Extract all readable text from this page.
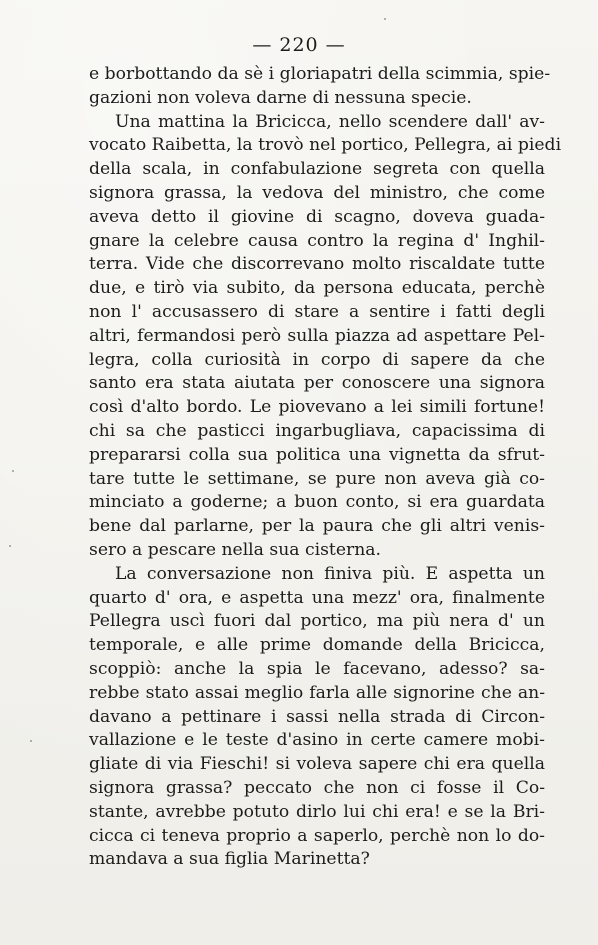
— 220 —
e borbottando da sè i gloriapatri della scimmia, spie-
gazioni non voleva darne di nessuna specie.
Una mattina la Bricicca, nello scendere dall' av-
vocato Raibetta, la trovò nel portico, Pellegra, ai piedi
della scala, in confabulazione segreta con quella
signora grassa, la vedova del ministro, che come
aveva detto il giovine di scagno, doveva guada-
gnare la celebre causa contro la regina d' Inghil-
terra. Vide che discorrevano molto riscaldate tutte
due, e tirò via subito, da persona educata, perchè
non l' accusassero di stare a sentire i fatti degli
altri, fermandosi però sulla piazza ad aspettare Pel-
legra, colla curiosità in corpo di sapere da che
santo era stata aiutata per conoscere una signora
così d'alto bordo. Le piovevano a lei simili fortune!
chi sa che pasticci ingarbugliava, capacissima di
prepararsi colla sua politica una vignetta da sfrut-
tare tutte le settimane, se pure non aveva già co-
minciato a goderne; a buon conto, si era guardata
bene dal parlarne, per la paura che gli altri venis-
sero a pescare nella sua cisterna.
La conversazione non finiva più. E aspetta un
quarto d' ora, e aspetta una mezz' ora, finalmente
Pellegra uscì fuori dal portico, ma più nera d' un
temporale, e alle prime domande della Bricicca,
scoppiò: anche la spia le facevano, adesso? sa-
rebbe stato assai meglio farla alle signorine che an-
davano a pettinare i sassi nella strada di Circon-
vallazione e le teste d'asino in certe camere mobi-
gliate di via Fieschi! si voleva sapere chi era quella
signora grassa? peccato che non ci fosse il Co-
stante, avrebbe potuto dirlo lui chi era! e se la Bri-
cicca ci teneva proprio a saperlo, perchè non lo do-
mandava a sua figlia Marinetta?
